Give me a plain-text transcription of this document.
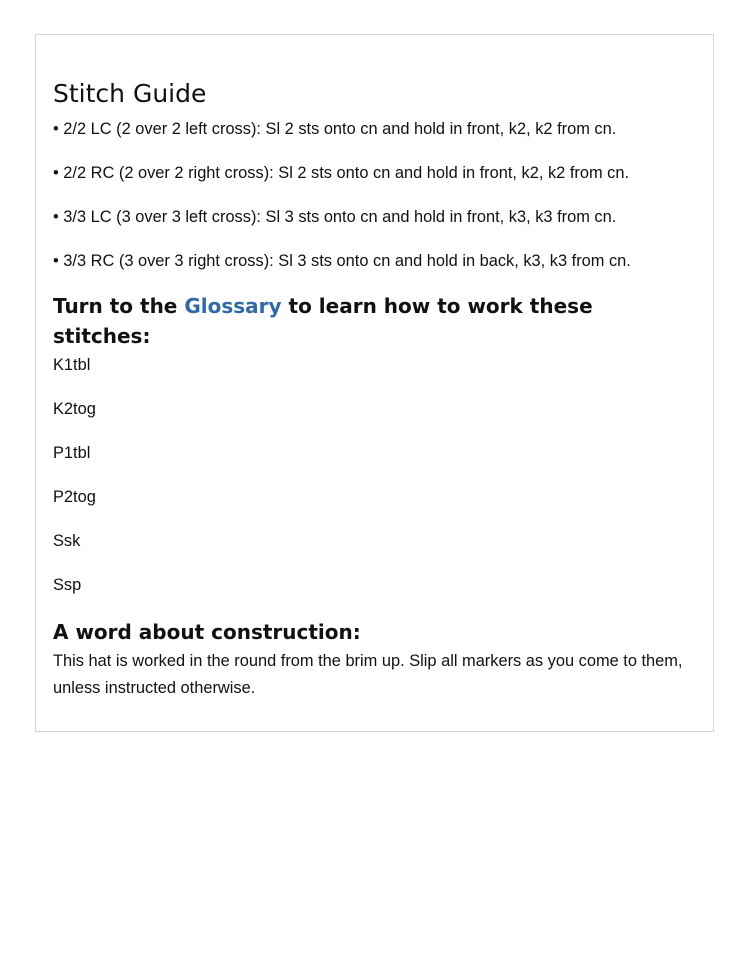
Stitch Guide

• 2/2 LC (2 over 2 left cross): Sl 2 sts onto cn and hold in front, k2, k2 from cn.

• 2/2 RC (2 over 2 right cross): Sl 2 sts onto cn and hold in front, k2, k2 from cn.

• 3/3 LC (3 over 3 left cross): Sl 3 sts onto cn and hold in front, k3, k3 from cn.

• 3/3 RC (3 over 3 right cross): Sl 3 sts onto cn and hold in back, k3, k3 from cn.

Turn to the Glossary to learn how to work these stitches:

K1tbl

K2tog

P1tbl

P2tog

Ssk

Ssp

A word about construction:

This hat is worked in the round from the brim up. Slip all markers as you come to them, unless instructed otherwise.
